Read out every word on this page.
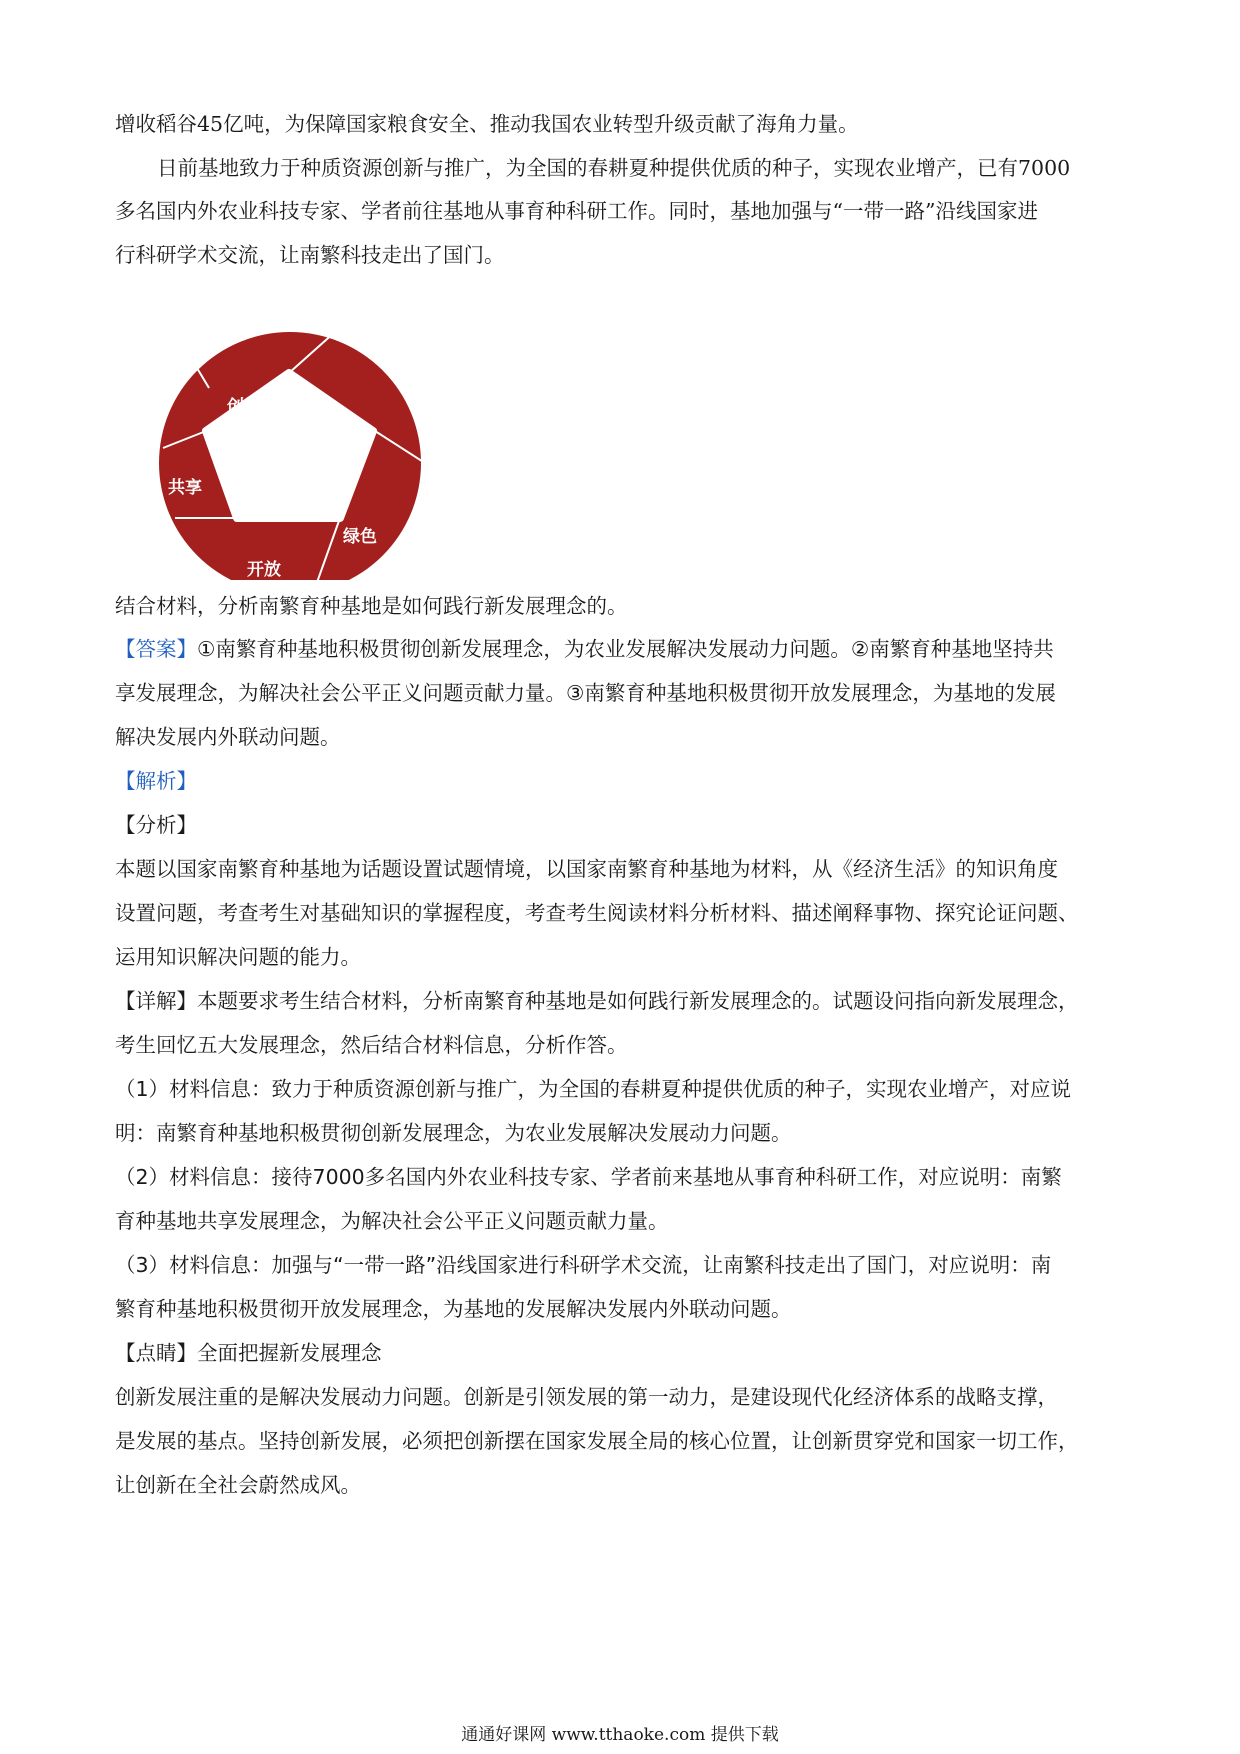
增收稻谷45亿吨，为保障国家粮食安全、推动我国农业转型升级贡献了海角力量。

日前基地致力于种质资源创新与推广，为全国的春耕夏种提供优质的种子，实现农业增产，已有7000

多名国内外农业科技专家、学者前往基地从事育种科研工作。同时，基地加强与“一带一路”沿线国家进

行科研学术交流，让南繁科技走出了国门。

创新
协调
绿色
开放
共享

结合材料，分析南繁育种基地是如何践行新发展理念的。

【答案】①南繁育种基地积极贯彻创新发展理念，为农业发展解决发展动力问题。②南繁育种基地坚持共

享发展理念，为解决社会公平正义问题贡献力量。③南繁育种基地积极贯彻开放发展理念，为基地的发展

解决发展内外联动问题。

【解析】

【分析】

本题以国家南繁育种基地为话题设置试题情境，以国家南繁育种基地为材料，从《经济生活》的知识角度

设置问题，考查考生对基础知识的掌握程度，考查考生阅读材料分析材料、描述阐释事物、探究论证问题、

运用知识解决问题的能力。

【详解】本题要求考生结合材料，分析南繁育种基地是如何践行新发展理念的。试题设问指向新发展理念，

考生回忆五大发展理念，然后结合材料信息，分析作答。

（1）材料信息：致力于种质资源创新与推广，为全国的春耕夏种提供优质的种子，实现农业增产，对应说

明：南繁育种基地积极贯彻创新发展理念，为农业发展解决发展动力问题。

（2）材料信息：接待7000多名国内外农业科技专家、学者前来基地从事育种科研工作，对应说明：南繁

育种基地共享发展理念，为解决社会公平正义问题贡献力量。

（3）材料信息：加强与“一带一路”沿线国家进行科研学术交流，让南繁科技走出了国门，对应说明：南

繁育种基地积极贯彻开放发展理念，为基地的发展解决发展内外联动问题。

【点睛】全面把握新发展理念

创新发展注重的是解决发展动力问题。创新是引领发展的第一动力，是建设现代化经济体系的战略支撑，

是发展的基点。坚持创新发展，必须把创新摆在国家发展全局的核心位置，让创新贯穿党和国家一切工作，

让创新在全社会蔚然成风。

通通好课网 www.tthaoke.com 提供下载
